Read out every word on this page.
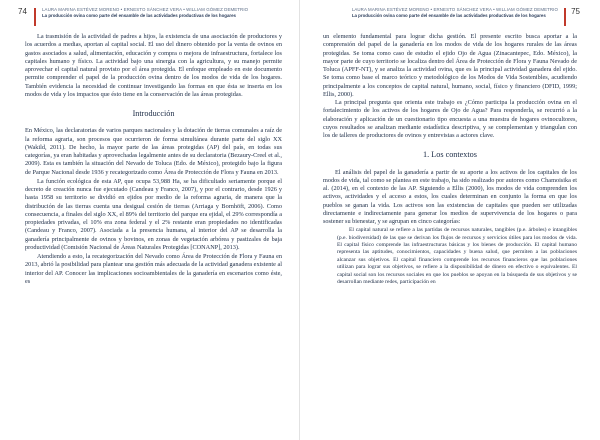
74	LAURA MARINA ESTÉVEZ MORENO • ERNESTO SÁNCHEZ VERA • WILLIAM GÓMEZ DEMETRIO
La producción ovina como parte del ensamble de las actividades productivas de los hogares

La trasmisión de la actividad de padres a hijos, la existencia de una asociación de productores y los acuerdos a medias, aportan al capital social. El uso del dinero obtenido por la venta de ovinos en gastos asociados a salud, alimentación, educación y compra o mejora de infraestructura, fortalece los capitales humano y físico. La actividad bajo una sinergia con la agricultura, y su manejo permite aprovechar el capital natural provisto por el área protegida. El enfoque empleado en este documento permite comprender el papel de la producción ovina dentro de los modos de vida de los hogares. También evidencia la necesidad de continuar investigando las formas en que ésta se inserta en los modos de vida y los impactos que ésto tiene en la conservación de las áreas protegidas.

Introducción

En México, las declaratorias de varios parques nacionales y la dotación de tierras comunales a raíz de la reforma agraria, son procesos que ocurrieron de forma simultánea durante parte del siglo XX (Wakild, 2011). De hecho, la mayor parte de las áreas protegidas (AP) del país, en todas sus categorías, ya eran habitadas y aprovechadas legalmente antes de su declaratoria (Bezaury-Creel et al., 2009). Esta es también la situación del Nevado de Toluca (Edo. de México), protegido bajo la figura de Parque Nacional desde 1936 y recategorizado como Área de Protección de Flora y Fauna en 2013.

La función ecológica de esta AP, que ocupa 53,988 Ha, se ha dificultado seriamente porque el decreto de creación nunca fue ejecutado (Candeau y Franco, 2007), y por el contrario, desde 1926 y hasta 1958 su territorio se dividió en ejidos por medio de la reforma agraria, de manera que la distribución de las tierras cuenta una desigual cesión de tierras (Arriaga y Bornhöft, 2006). Como consecuencia, a finales del siglo XX, el 89% del territorio del parque era ejidal, el 29% correspondía a propiedades privadas, el 10% era zona federal y el 2% restante eran propiedades no identificadas (Candeau y Franco, 2007). Asociada a la presencia humana, al interior del AP se desarrolla la ganadería principalmente de ovinos y bovinos, en zonas de vegetación arbórea y pastizales de baja productividad (Comisión Nacional de Áreas Naturales Protegidas [CONANP], 2013).

Atendiendo a esto, la recategorización del Nevado como Área de Protección de Flora y Fauna en 2013, abrió la posibilidad para plantear una gestión más adecuada de la actividad ganadera existente al interior del AP. Conocer las implicaciones socioambientales de la ganadería en escenarios como éste, es

LAURA MARINA ESTÉVEZ MORENO • ERNESTO SÁNCHEZ VERA • WILLIAM GÓMEZ DEMETRIO
La producción ovina como parte del ensamble de las actividades productivas de los hogares	75

un elemento fundamental para lograr dicha gestión. El presente escrito busca aportar a la comprensión del papel de la ganadería en los modos de vida de los hogares rurales de las áreas protegidas. Se toma como caso de estudio el ejido Ojo de Agua (Zinacantepec, Edo. México), la mayor parte de cuyo territorio se localiza dentro del Área de Protección de Flora y Fauna Nevado de Toluca (APFF-NT), y se analiza la actividad ovina, que es la principal actividad ganadera del ejido. Se toma como base el marco teórico y metodológico de los Modos de Vida Sostenibles, acudiendo principalmente a los conceptos de capital natural, humano, social, físico y financiero (DFID, 1999; Ellis, 2000).

La principal pregunta que orienta este trabajo es ¿Cómo participa la producción ovina en el fortalecimiento de los activos de los hogares de Ojo de Agua? Para responderla, se recurrió a la elaboración y aplicación de un cuestionario tipo encuesta a una muestra de hogares ovinocultores, cuyos resultados se analizan mediante estadística descriptiva, y se complementan y triangulan con los de talleres de productores de ovinos y entrevistas a actores clave.

1. Los contextos

El análisis del papel de la ganadería a partir de su aporte a los activos de los capitales de los modos de vida, tal como se plantea en este trabajo, ha sido realizado por autores como Chamoisika et al. (2014), en el contexto de las AP. Siguiendo a Ellis (2000), los modos de vida comprenden los activos, actividades y el acceso a estos, los cuales determinan en conjunto la forma en que los pueblos se ganan la vida. Los activos son las existencias de capitales que pueden ser utilizadas directamente e indirectamente para generar los medios de supervivencia de los hogares o para sostener su bienestar, y se agrupan en cinco categorías:

El capital natural se refiere a las partidas de recursos naturales, tangibles (p.e. árboles) e intangibles (p.e. biodiversidad) de las que se derivan los flujos de recursos y servicios útiles para los modos de vida. El capital físico comprende las infraestructuras básicas y los bienes de producción. El capital humano representa las aptitudes, conocimientos, capacidades y buena salud, que permiten a las poblaciones alcanzar sus objetivos. El capital financiero comprende los recursos financieros que las poblaciones utilizan para lograr sus objetivos, se refiere a la disponibilidad de dinero en efectivo o equivalentes. El capital social son los recursos sociales en que los pueblos se apoyan en la búsqueda de sus objetivos y se desarrollan mediante redes, participación en
